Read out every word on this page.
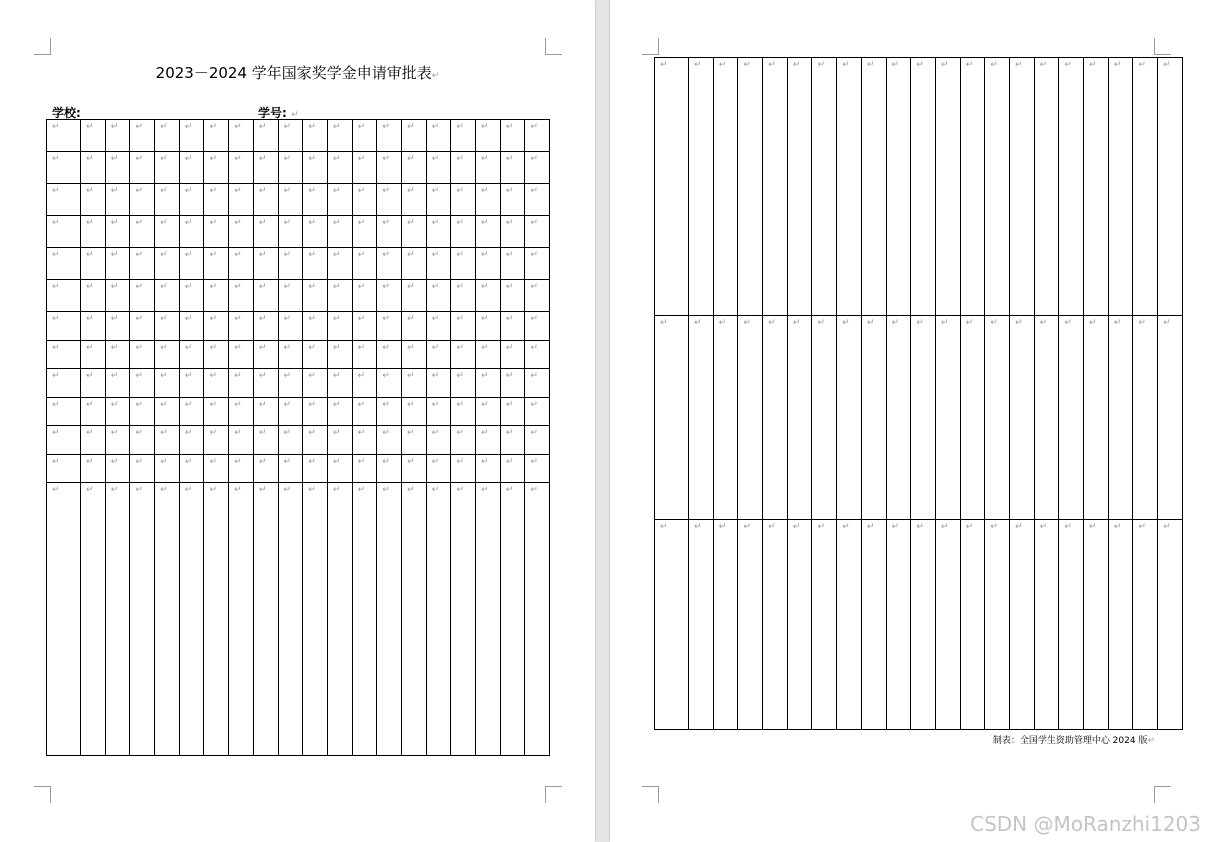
2023－2024 学年国家奖学金申请审批表↵
学校:	学号: ↵
↵	↵	↵	↵	↵	↵	↵	↵	↵	↵	↵	↵	↵	↵	↵	↵	↵	↵	↵	↵

↵	↵	↵	↵	↵	↵	↵	↵	↵	↵	↵	↵	↵	↵	↵	↵	↵	↵	↵	↵

↵	↵	↵	↵	↵	↵	↵	↵	↵	↵	↵	↵	↵	↵	↵	↵	↵	↵	↵	↵

↵	↵	↵	↵	↵	↵	↵	↵	↵	↵	↵	↵	↵	↵	↵	↵	↵	↵	↵	↵

↵	↵	↵	↵	↵	↵	↵	↵	↵	↵	↵	↵	↵	↵	↵	↵	↵	↵	↵	↵

↵	↵	↵	↵	↵	↵	↵	↵	↵	↵	↵	↵	↵	↵	↵	↵	↵	↵	↵	↵

↵	↵	↵	↵	↵	↵	↵	↵	↵	↵	↵	↵	↵	↵	↵	↵	↵	↵	↵	↵

↵	↵	↵	↵	↵	↵	↵	↵	↵	↵	↵	↵	↵	↵	↵	↵	↵	↵	↵	↵

↵	↵	↵	↵	↵	↵	↵	↵	↵	↵	↵	↵	↵	↵	↵	↵	↵	↵	↵	↵

↵	↵	↵	↵	↵	↵	↵	↵	↵	↵	↵	↵	↵	↵	↵	↵	↵	↵	↵	↵

↵	↵	↵	↵	↵	↵	↵	↵	↵	↵	↵	↵	↵	↵	↵	↵	↵	↵	↵	↵

↵	↵	↵	↵	↵	↵	↵	↵	↵	↵	↵	↵	↵	↵	↵	↵	↵	↵	↵	↵

↵	↵	↵	↵	↵	↵	↵	↵	↵	↵	↵	↵	↵	↵	↵	↵	↵	↵	↵	↵
↵	↵	↵	↵	↵	↵	↵	↵	↵	↵	↵	↵	↵	↵	↵	↵	↵	↵	↵	↵	↵

↵	↵	↵	↵	↵	↵	↵	↵	↵	↵	↵	↵	↵	↵	↵	↵	↵	↵	↵	↵	↵

↵	↵	↵	↵	↵	↵	↵	↵	↵	↵	↵	↵	↵	↵	↵	↵	↵	↵	↵	↵	↵
制表：全国学生资助管理中心 2024 版↵
CSDN @MoRanzhi1203
